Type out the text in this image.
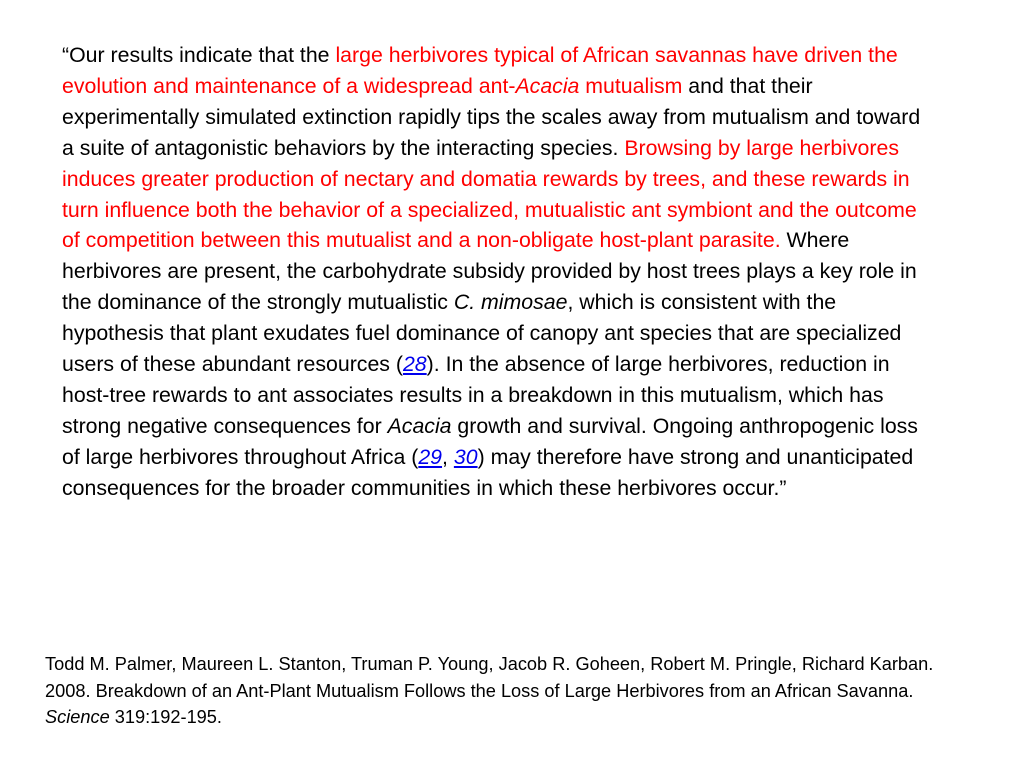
“Our results indicate that the large herbivores typical of African savannas have driven the evolution and maintenance of a widespread ant-Acacia mutualism and that their experimentally simulated extinction rapidly tips the scales away from mutualism and toward a suite of antagonistic behaviors by the interacting species. Browsing by large herbivores induces greater production of nectary and domatia rewards by trees, and these rewards in turn influence both the behavior of a specialized, mutualistic ant symbiont and the outcome of competition between this mutualist and a non-obligate host-plant parasite. Where herbivores are present, the carbohydrate subsidy provided by host trees plays a key role in the dominance of the strongly mutualistic C. mimosae, which is consistent with the hypothesis that plant exudates fuel dominance of canopy ant species that are specialized users of these abundant resources (28). In the absence of large herbivores, reduction in host-tree rewards to ant associates results in a breakdown in this mutualism, which has strong negative consequences for Acacia growth and survival. Ongoing anthropogenic loss of large herbivores throughout Africa (29, 30) may therefore have strong and unanticipated consequences for the broader communities in which these herbivores occur.”

Todd M. Palmer, Maureen L. Stanton, Truman P. Young, Jacob R. Goheen, Robert M. Pringle, Richard Karban. 2008. Breakdown of an Ant-Plant Mutualism Follows the Loss of Large Herbivores from an African Savanna. Science 319:192-195.
